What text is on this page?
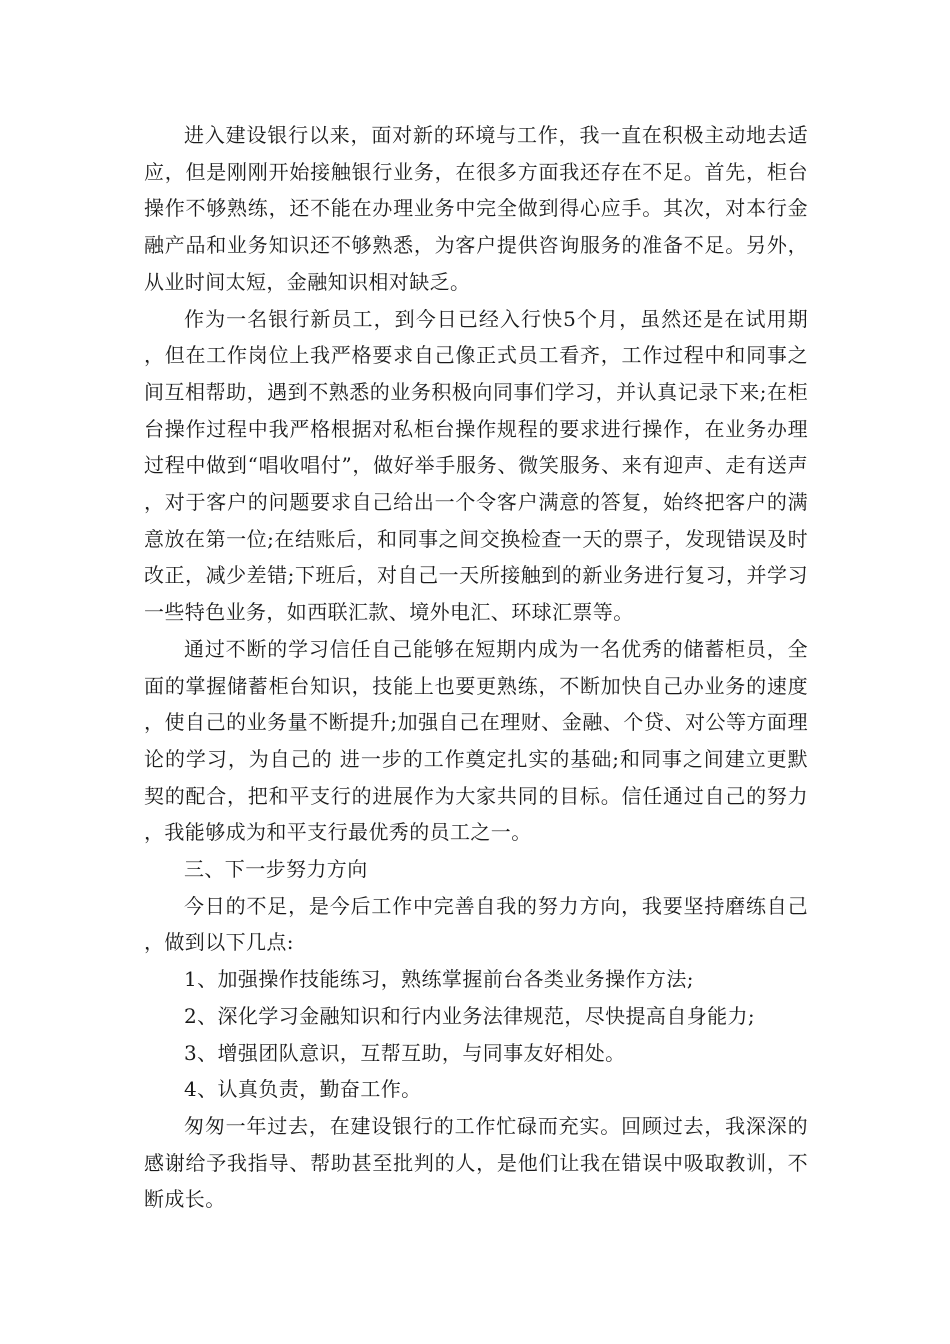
进入建设银行以来，面对新的环境与工作，我一直在积极主动地去适应，但是刚刚开始接触银行业务，在很多方面我还存在不足。首先，柜台操作不够熟练，还不能在办理业务中完全做到得心应手。其次，对本行金融产品和业务知识还不够熟悉，为客户提供咨询服务的准备不足。另外，从业时间太短，金融知识相对缺乏。

作为一名银行新员工，到今日已经入行快5个月，虽然还是在试用期，但在工作岗位上我严格要求自己像正式员工看齐，工作过程中和同事之间互相帮助，遇到不熟悉的业务积极向同事们学习，并认真记录下来;在柜台操作过程中我严格根据对私柜台操作规程的要求进行操作，在业务办理过程中做到“唱收唱付”，做好举手服务、微笑服务、来有迎声、走有送声，对于客户的问题要求自己给出一个令客户满意的答复，始终把客户的满意放在第一位;在结账后，和同事之间交换检查一天的票子，发现错误及时改正，减少差错;下班后，对自己一天所接触到的新业务进行复习，并学习一些特色业务，如西联汇款、境外电汇、环球汇票等。

通过不断的学习信任自己能够在短期内成为一名优秀的储蓄柜员，全面的掌握储蓄柜台知识，技能上也要更熟练，不断加快自己办业务的速度，使自己的业务量不断提升;加强自己在理财、金融、个贷、对公等方面理论的学习，为自己的 进一步的工作奠定扎实的基础;和同事之间建立更默契的配合，把和平支行的进展作为大家共同的目标。信任通过自己的努力，我能够成为和平支行最优秀的员工之一。

三、下一步努力方向

今日的不足，是今后工作中完善自我的努力方向，我要坚持磨练自己，做到以下几点:

1、加强操作技能练习，熟练掌握前台各类业务操作方法;

2、深化学习金融知识和行内业务法律规范，尽快提高自身能力;

3、增强团队意识，互帮互助，与同事友好相处。

4、认真负责，勤奋工作。

匆匆一年过去，在建设银行的工作忙碌而充实。回顾过去，我深深的感谢给予我指导、帮助甚至批判的人，是他们让我在错误中吸取教训，不断成长。
